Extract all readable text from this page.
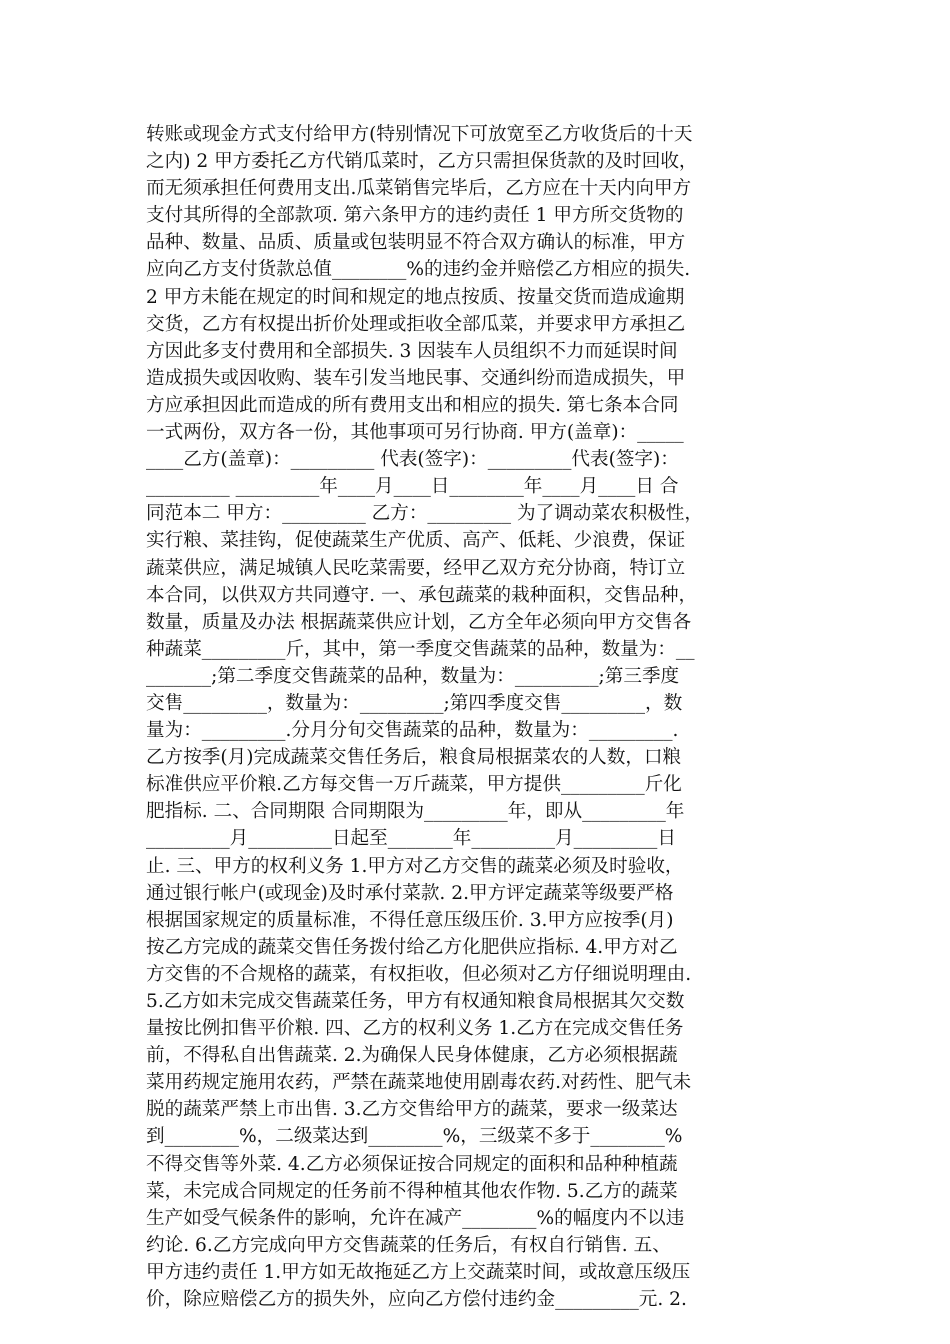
转账或现金方式支付给甲方(特别情况下可放宽至乙方收货后的十天
之内) 2 甲方委托乙方代销瓜菜时，乙方只需担保货款的及时回收，
而无须承担任何费用支出.瓜菜销售完毕后，乙方应在十天内向甲方
支付其所得的全部款项. 第六条甲方的违约责任 1 甲方所交货物的
品种、数量、品质、质量或包装明显不符合双方确认的标准，甲方
应向乙方支付货款总值________%的违约金并赔偿乙方相应的损失.
2 甲方未能在规定的时间和规定的地点按质、按量交货而造成逾期
交货，乙方有权提出折价处理或拒收全部瓜菜，并要求甲方承担乙
方因此多支付费用和全部损失. 3 因装车人员组织不力而延误时间
造成损失或因收购、装车引发当地民事、交通纠纷而造成损失，甲
方应承担因此而造成的所有费用支出和相应的损失. 第七条本合同
一式两份，双方各一份，其他事项可另行协商. 甲方(盖章)：_____
____乙方(盖章)：_________ 代表(签字)：_________代表(签字)：
_________ _________年____月____日________年____月____日 合
同范本二 甲方：_________ 乙方：_________ 为了调动菜农积极性，
实行粮、菜挂钩，促使蔬菜生产优质、高产、低耗、少浪费，保证
蔬菜供应，满足城镇人民吃菜需要，经甲乙双方充分协商，特订立
本合同，以供双方共同遵守. 一、承包蔬菜的栽种面积，交售品种，
数量，质量及办法 根据蔬菜供应计划，乙方全年必须向甲方交售各
种蔬菜_________斤，其中，第一季度交售蔬菜的品种，数量为：__
_______;第二季度交售蔬菜的品种，数量为：_________;第三季度
交售_________，数量为：_________;第四季度交售_________，数
量为：_________.分月分旬交售蔬菜的品种，数量为：_________.
乙方按季(月)完成蔬菜交售任务后，粮食局根据菜农的人数，口粮
标准供应平价粮.乙方每交售一万斤蔬菜，甲方提供_________斤化
肥指标. 二、合同期限 合同期限为_________年，即从_________年
_________月_________日起至_______年_________月_________日
止. 三、甲方的权利义务 1.甲方对乙方交售的蔬菜必须及时验收，
通过银行帐户(或现金)及时承付菜款. 2.甲方评定蔬菜等级要严格
根据国家规定的质量标准，不得任意压级压价. 3.甲方应按季(月)
按乙方完成的蔬菜交售任务拨付给乙方化肥供应指标. 4.甲方对乙
方交售的不合规格的蔬菜，有权拒收，但必须对乙方仔细说明理由.
5.乙方如未完成交售蔬菜任务，甲方有权通知粮食局根据其欠交数
量按比例扣售平价粮. 四、乙方的权利义务 1.乙方在完成交售任务
前，不得私自出售蔬菜. 2.为确保人民身体健康，乙方必须根据蔬
菜用药规定施用农药，严禁在蔬菜地使用剧毒农药.对药性、肥气未
脱的蔬菜严禁上市出售. 3.乙方交售给甲方的蔬菜，要求一级菜达
到________%，二级菜达到________%，三级菜不多于________%
不得交售等外菜. 4.乙方必须保证按合同规定的面积和品种种植蔬
菜，未完成合同规定的任务前不得种植其他农作物. 5.乙方的蔬菜
生产如受气候条件的影响，允许在减产________%的幅度内不以违
约论. 6.乙方完成向甲方交售蔬菜的任务后，有权自行销售. 五、
甲方违约责任 1.甲方如无故拖延乙方上交蔬菜时间，或故意压级压
价，除应赔偿乙方的损失外，应向乙方偿付违约金_________元. 2.
